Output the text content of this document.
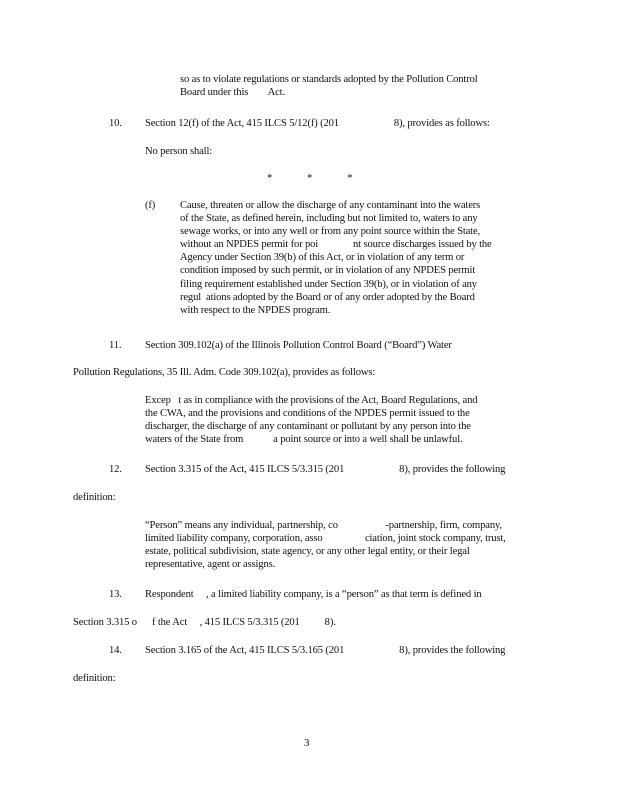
so as to violate regulations or standards adopted by the Pollution Control
Board under this        Act.
10. Section 12(f) of the Act, 415 ILCS 5/12(f) (201                      8), provides as follows:
No person shall:
*              *              *
(f) Cause, threaten or allow the discharge of any contaminant into the waters
of the State, as defined herein, including but not limited to, waters to any
sewage works, or into any well or from any point source within the State,
without an NPDES permit for poi              nt source discharges issued by the
Agency under Section 39(b) of this Act, or in violation of any term or
condition imposed by such permit, or in violation of any NPDES permit
filing requirement established under Section 39(b), or in violation of any
regul  ations adopted by the Board or of any order adopted by the Board
with respect to the NPDES program.
11. Section 309.102(a) of the Illinois Pollution Control Board (“Board”) Water
Pollution Regulations, 35 Ill. Adm. Code 309.102(a), provides as follows:
Excep   t as in compliance with the provisions of the Act, Board Regulations, and
the CWA, and the provisions and conditions of the NPDES permit issued to the
discharger, the discharge of any contaminant or pollutant by any person into the
waters of the State from            a point source or into a well shall be unlawful.
12. Section 3.315 of the Act, 415 ILCS 5/3.315 (201                      8), provides the following
definition:
“Person” means any individual, partnership, co                   -partnership, firm, company,
limited liability company, corporation, asso                 ciation, joint stock company, trust,
estate, political subdivision, state agency, or any other legal entity, or their legal
representative, agent or assigns.
13. Respondent     , a limited liability company, is a “person” as that term is defined in
Section 3.315 o      f the Act     , 415 ILCS 5/3.315 (201          8).
14. Section 3.165 of the Act, 415 ILCS 5/3.165 (201                      8), provides the following
definition:
3
